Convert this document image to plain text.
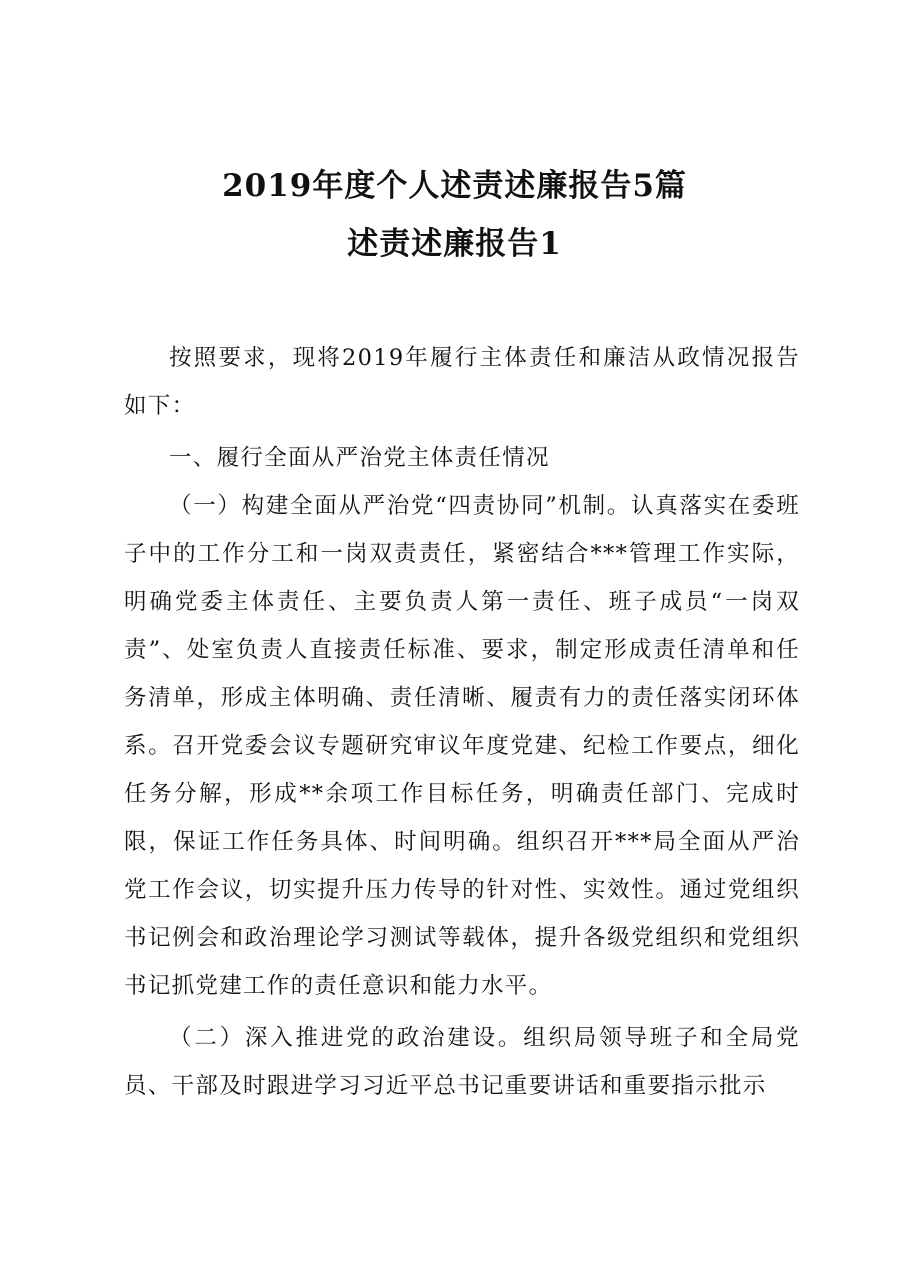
2019年度个人述责述廉报告5篇
述责述廉报告1

按照要求，现将2019年履行主体责任和廉洁从政情况报告如下：

一、履行全面从严治党主体责任情况

（一）构建全面从严治党“四责协同”机制。认真落实在委班子中的工作分工和一岗双责责任，紧密结合***管理工作实际，明确党委主体责任、主要负责人第一责任、班子成员“一岗双责”、处室负责人直接责任标准、要求，制定形成责任清单和任务清单，形成主体明确、责任清晰、履责有力的责任落实闭环体系。召开党委会议专题研究审议年度党建、纪检工作要点，细化任务分解，形成**余项工作目标任务，明确责任部门、完成时限，保证工作任务具体、时间明确。组织召开***局全面从严治党工作会议，切实提升压力传导的针对性、实效性。通过党组织书记例会和政治理论学习测试等载体，提升各级党组织和党组织书记抓党建工作的责任意识和能力水平。

（二）深入推进党的政治建设。组织局领导班子和全局党员、干部及时跟进学习习近平总书记重要讲话和重要指示批示
